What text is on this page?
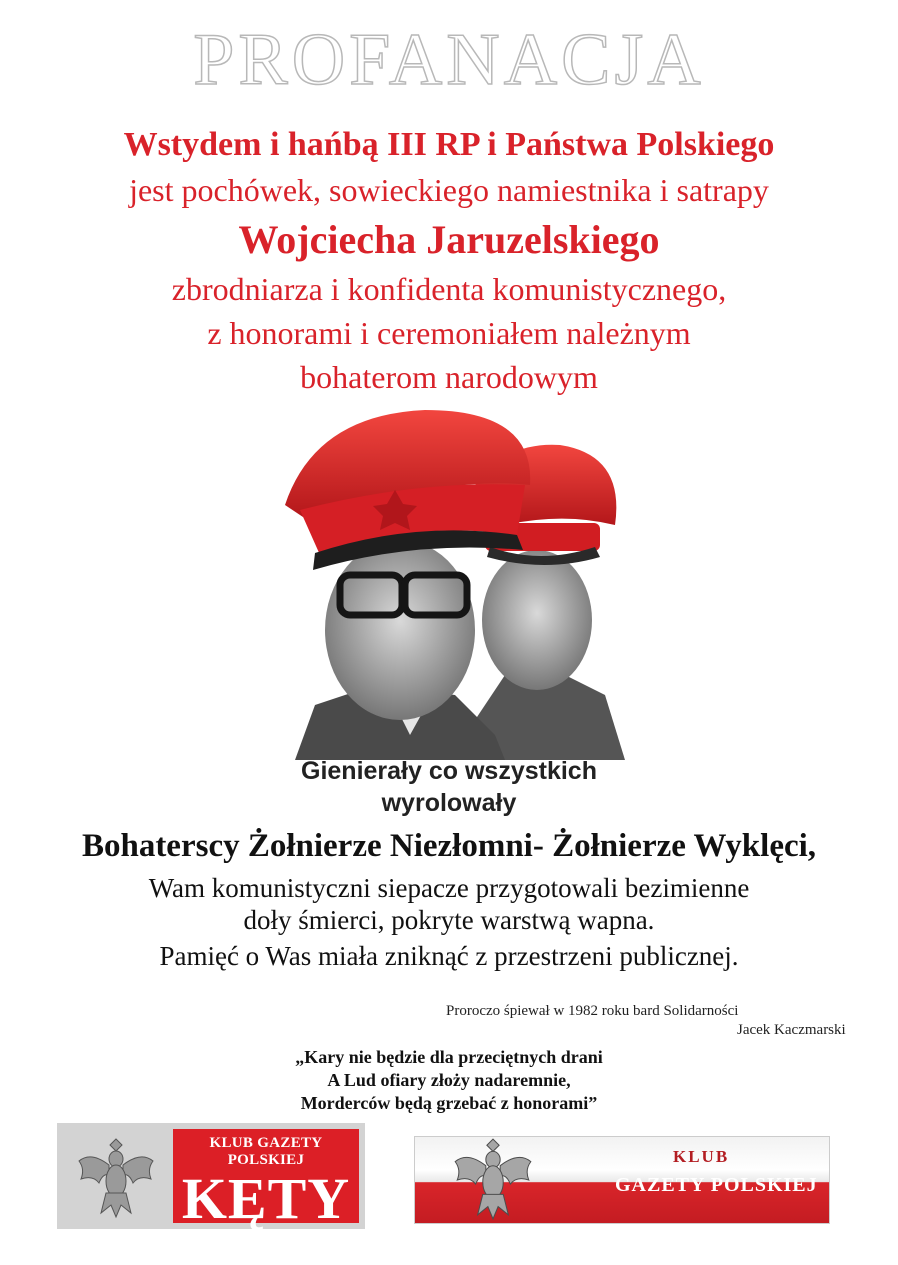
PROFANACJA
Wstydem i hańbą III RP i Państwa Polskiego
jest pochówek, sowieckiego namiestnika i satrapy
Wojciecha Jaruzelskiego
zbrodniarza i konfidenta komunistycznego,
z honorami i ceremoniałem należnym
bohaterom narodowym
Gienierały co wszystkich
wyrolowały
Bohaterscy Żołnierze Niezłomni- Żołnierze Wyklęci,
Wam komunistyczni siepacze przygotowali bezimienne
doły śmierci, pokryte warstwą wapna.
Pamięć o Was miała zniknąć z przestrzeni publicznej.
Proroczo śpiewał w 1982 roku bard Solidarności
Jacek Kaczmarski
„Kary nie będzie dla przeciętnych drani
A Lud ofiary złoży nadaremnie,
Morderców będą grzebać z honorami”
KLUB GAZETY POLSKIEJ
KĘTY
KLUB
GAZETY POLSKIEJ
